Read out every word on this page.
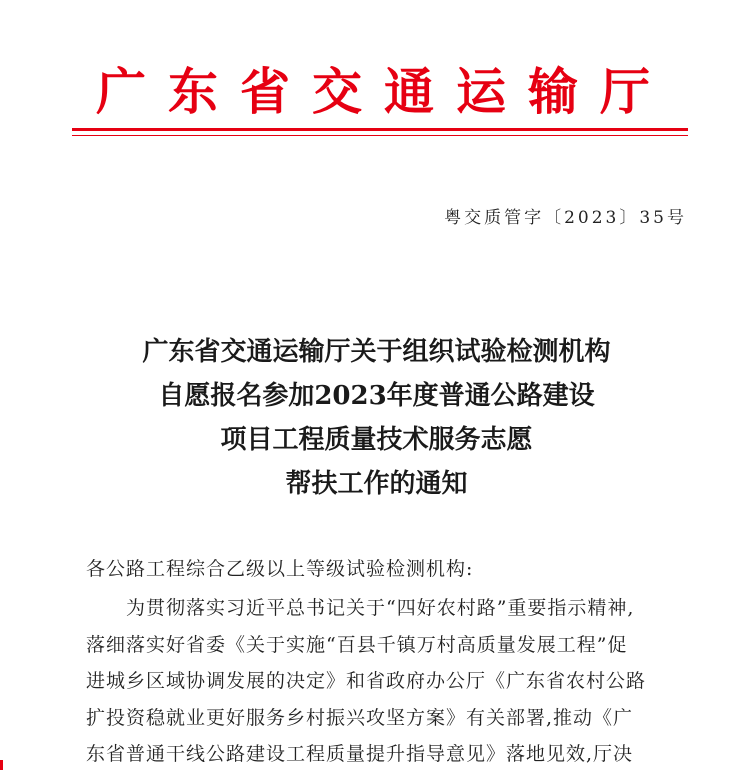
广东省交通运输厅
粤交质管字〔2023〕35号
广东省交通运输厅关于组织试验检测机构
自愿报名参加2023年度普通公路建设
项目工程质量技术服务志愿
帮扶工作的通知
各公路工程综合乙级以上等级试验检测机构:
为贯彻落实习近平总书记关于“四好农村路”重要指示精神,
落细落实好省委《关于实施“百县千镇万村高质量发展工程”促
进城乡区域协调发展的决定》和省政府办公厅《广东省农村公路
扩投资稳就业更好服务乡村振兴攻坚方案》有关部署,推动《广
东省普通干线公路建设工程质量提升指导意见》落地见效,厅决
